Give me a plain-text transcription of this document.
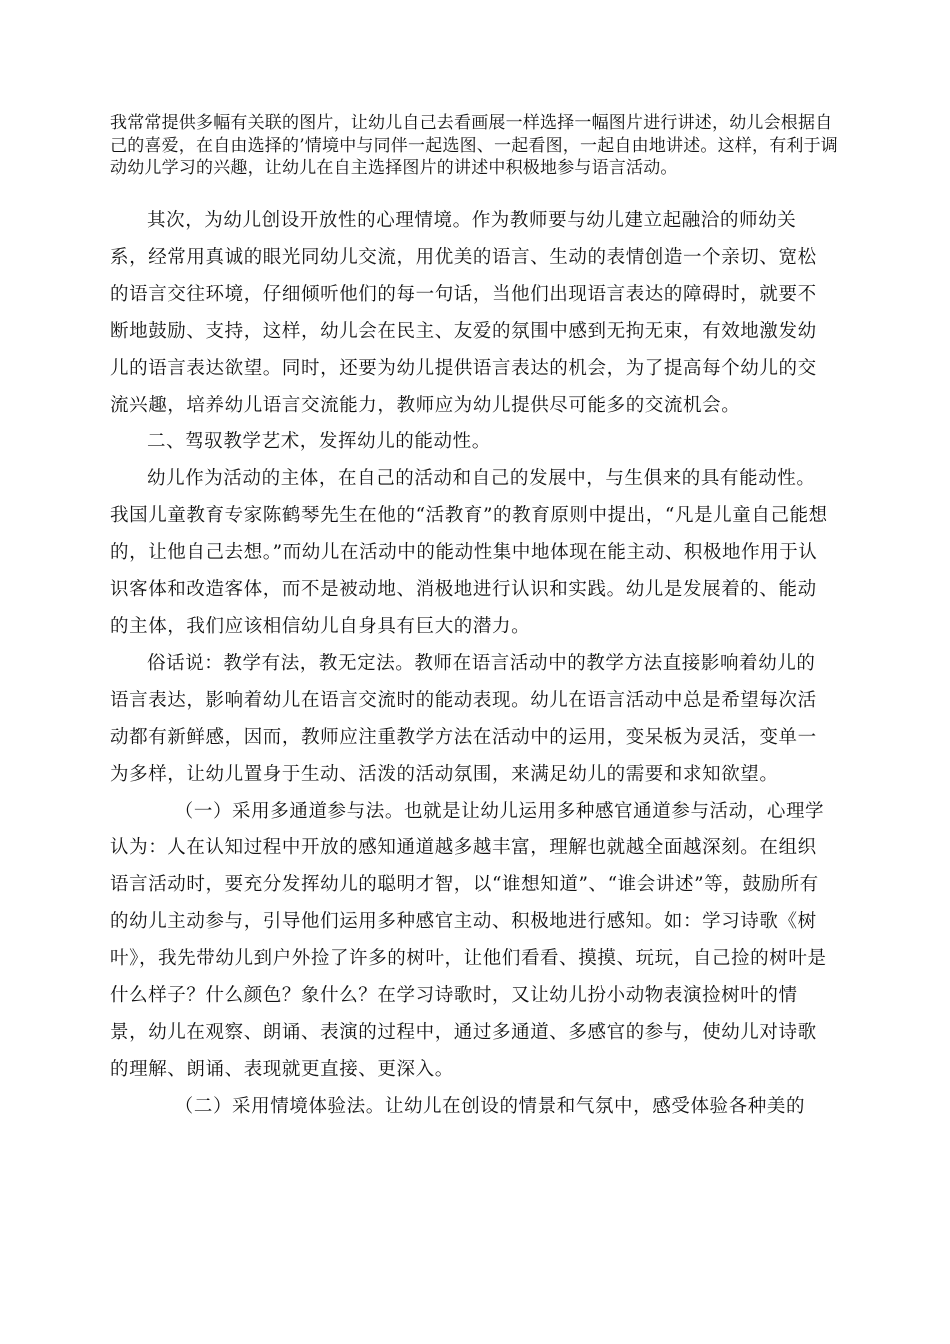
我常常提供多幅有关联的图片，让幼儿自己去看画展一样选择一幅图片进行讲述，幼儿会根据自己的喜爱，在自由选择的’情境中与同伴一起选图、一起看图，一起自由地讲述。这样，有利于调动幼儿学习的兴趣，让幼儿在自主选择图片的讲述中积极地参与语言活动。

其次，为幼儿创设开放性的心理情境。作为教师要与幼儿建立起融洽的师幼关系，经常用真诚的眼光同幼儿交流，用优美的语言、生动的表情创造一个亲切、宽松的语言交往环境，仔细倾听他们的每一句话，当他们出现语言表达的障碍时，就要不断地鼓励、支持，这样，幼儿会在民主、友爱的氛围中感到无拘无束，有效地激发幼儿的语言表达欲望。同时，还要为幼儿提供语言表达的机会，为了提高每个幼儿的交流兴趣，培养幼儿语言交流能力，教师应为幼儿提供尽可能多的交流机会。

二、驾驭教学艺术，发挥幼儿的能动性。

幼儿作为活动的主体，在自己的活动和自己的发展中，与生俱来的具有能动性。我国儿童教育专家陈鹤琴先生在他的“活教育”的教育原则中提出，“凡是儿童自己能想的，让他自己去想。”而幼儿在活动中的能动性集中地体现在能主动、积极地作用于认识客体和改造客体，而不是被动地、消极地进行认识和实践。幼儿是发展着的、能动的主体，我们应该相信幼儿自身具有巨大的潜力。

俗话说：教学有法，教无定法。教师在语言活动中的教学方法直接影响着幼儿的语言表达，影响着幼儿在语言交流时的能动表现。幼儿在语言活动中总是希望每次活动都有新鲜感，因而，教师应注重教学方法在活动中的运用，变呆板为灵活，变单一为多样，让幼儿置身于生动、活泼的活动氛围，来满足幼儿的需要和求知欲望。

（一）采用多通道参与法。也就是让幼儿运用多种感官通道参与活动，心理学认为：人在认知过程中开放的感知通道越多越丰富，理解也就越全面越深刻。在组织语言活动时，要充分发挥幼儿的聪明才智，以“谁想知道”、“谁会讲述”等，鼓励所有的幼儿主动参与，引导他们运用多种感官主动、积极地进行感知。如：学习诗歌《树叶》，我先带幼儿到户外捡了许多的树叶，让他们看看、摸摸、玩玩，自己捡的树叶是什么样子？什么颜色？象什么？在学习诗歌时，又让幼儿扮小动物表演捡树叶的情景，幼儿在观察、朗诵、表演的过程中，通过多通道、多感官的参与，使幼儿对诗歌的理解、朗诵、表现就更直接、更深入。

（二）采用情境体验法。让幼儿在创设的情景和气氛中，感受体验各种美的
